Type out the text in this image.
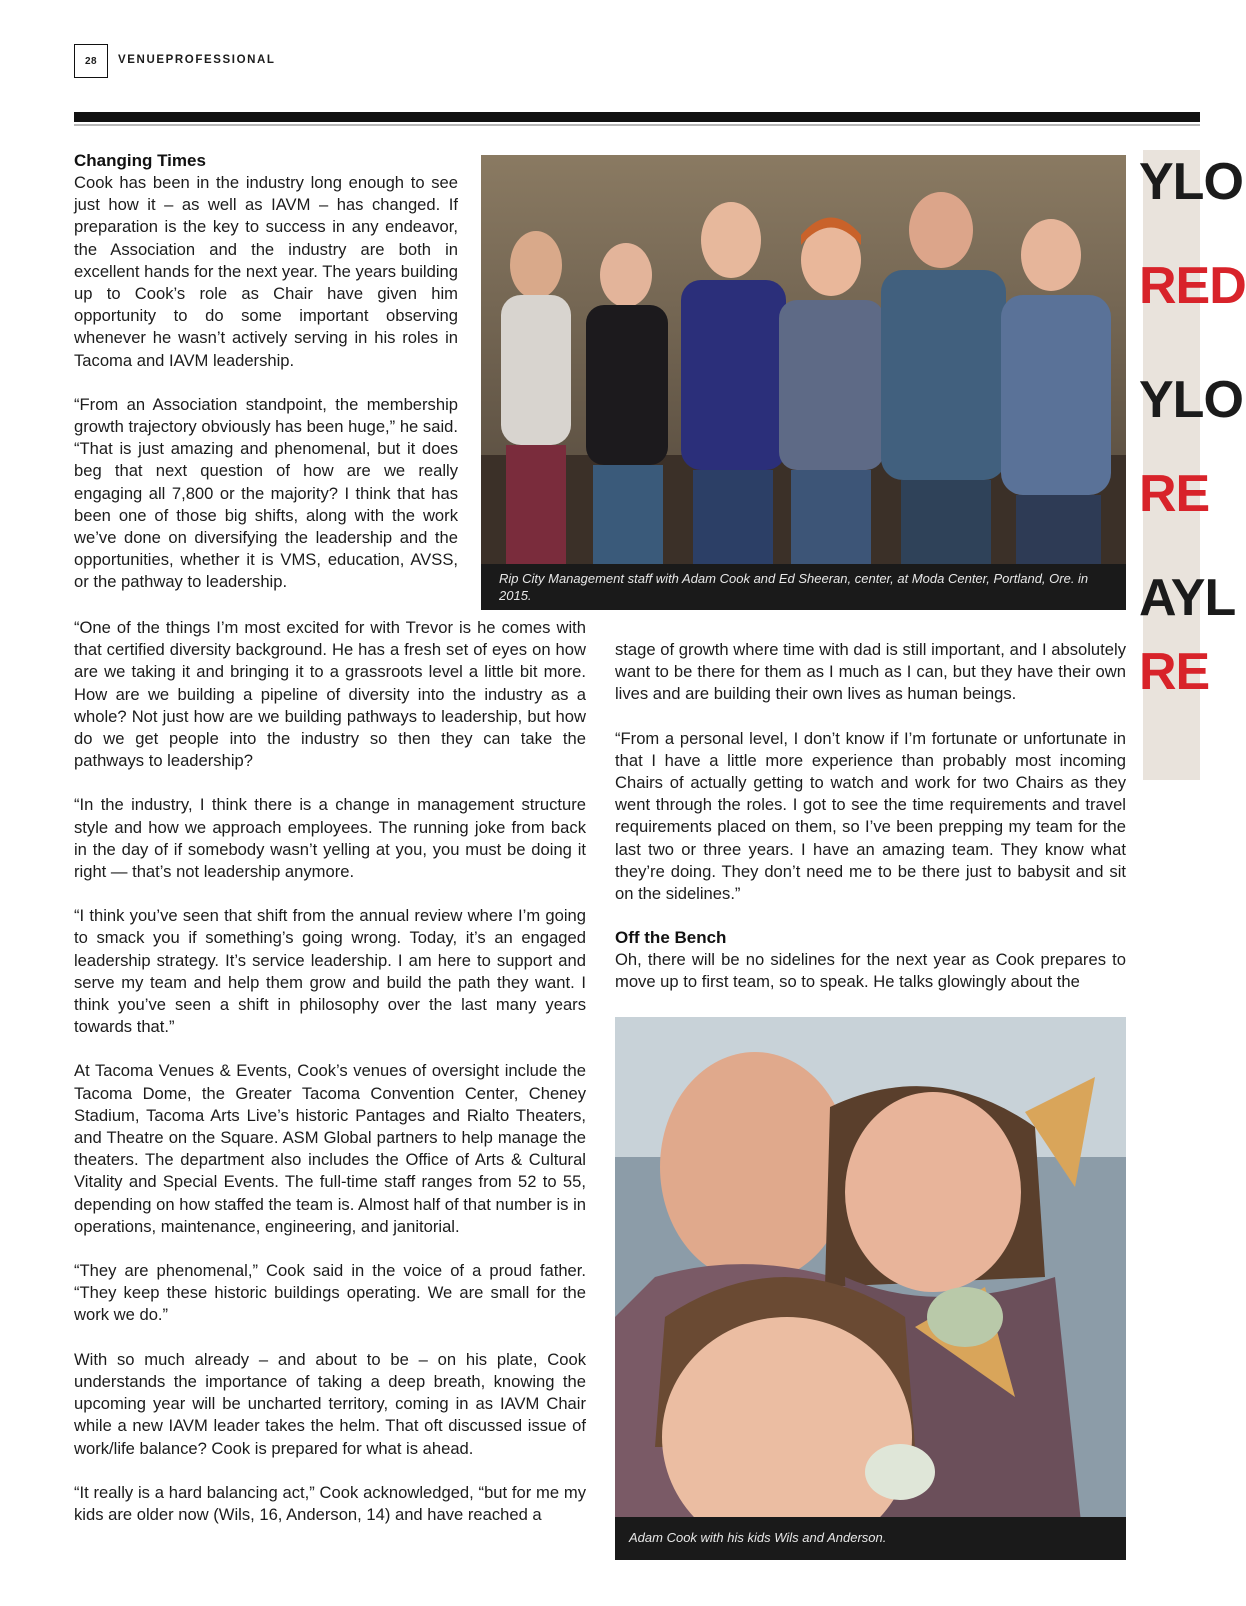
28	VENUEPROFESSIONAL
Changing Times

Cook has been in the industry long enough to see just how it – as well as IAVM – has changed. If preparation is the key to success in any endeavor, the Association and the industry are both in excellent hands for the next year. The years building up to Cook’s role as Chair have given him opportunity to do some important observing whenever he wasn’t actively serving in his roles in Tacoma and IAVM leadership.

“From an Association standpoint, the membership growth trajectory obviously has been huge,” he said. “That is just amazing and phenomenal, but it does beg that next question of how are we really engaging all 7,800 or the majority? I think that has been one of those big shifts, along with the work we’ve done on diversifying the leadership and the opportunities, whether it is VMS, education, AVSS, or the pathway to leadership.	Rip City Management staff with Adam Cook and Ed Sheeran, center, at Moda Center, Portland, Ore. in 2015.
YLO
RED
YLO
RE
AYL
RE

“One of the things I’m most excited for with Trevor is he comes with that certified diversity background. He has a fresh set of eyes on how are we taking it and bringing it to a grassroots level a little bit more. How are we building a pipeline of diversity into the industry as a whole? Not just how are we building pathways to leadership, but how do we get people into the industry so then they can take the pathways to leadership?

“In the industry, I think there is a change in management structure style and how we approach employees. The running joke from back in the day of if somebody wasn’t yelling at you, you must be doing it right — that’s not leadership anymore.

“I think you’ve seen that shift from the annual review where I’m going to smack you if something’s going wrong. Today, it’s an engaged leadership strategy. It’s service leadership. I am here to support and serve my team and help them grow and build the path they want. I think you’ve seen a shift in philosophy over the last many years towards that.”

At Tacoma Venues & Events, Cook’s venues of oversight include the Tacoma Dome, the Greater Tacoma Convention Center, Cheney Stadium, Tacoma Arts Live’s historic Pantages and Rialto Theaters, and Theatre on the Square. ASM Global partners to help manage the theaters. The department also includes the Office of Arts & Cultural Vitality and Special Events. The full-time staff ranges from 52 to 55, depending on how staffed the team is. Almost half of that number is in operations, maintenance, engineering, and janitorial.

“They are phenomenal,” Cook said in the voice of a proud father. “They keep these historic buildings operating. We are small for the work we do.”

With so much already – and about to be – on his plate, Cook understands the importance of taking a deep breath, knowing the upcoming year will be uncharted territory, coming in as IAVM Chair while a new IAVM leader takes the helm. That oft discussed issue of work/life balance? Cook is prepared for what is ahead.

“It really is a hard balancing act,” Cook acknowledged, “but for me my kids are older now (Wils, 16, Anderson, 14) and have reached a

stage of growth where time with dad is still important, and I absolutely want to be there for them as I much as I can, but they have their own lives and are building their own lives as human beings.

“From a personal level, I don’t know if I’m fortunate or unfortunate in that I have a little more experience than probably most incoming Chairs of actually getting to watch and work for two Chairs as they went through the roles. I got to see the time requirements and travel requirements placed on them, so I’ve been prepping my team for the last two or three years. I have an amazing team. They know what they’re doing. They don’t need me to be there just to babysit and sit on the sidelines.”

Off the Bench

Oh, there will be no sidelines for the next year as Cook prepares to move up to first team, so to speak. He talks glowingly about the

Adam Cook with his kids Wils and Anderson.
